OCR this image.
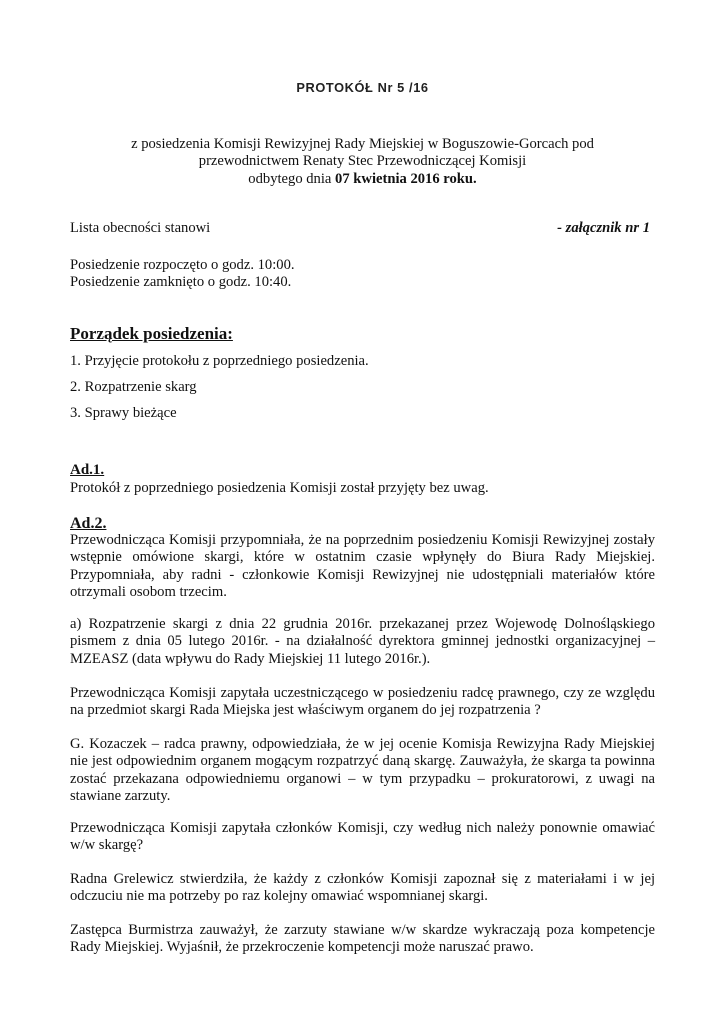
PROTOKÓŁ Nr 5 /16
z posiedzenia Komisji Rewizyjnej Rady Miejskiej w Boguszowie-Gorcach pod
przewodnictwem Renaty Stec Przewodniczącej Komisji
odbytego dnia 07 kwietnia 2016 roku.
Lista obecności stanowi	- załącznik nr 1
Posiedzenie rozpoczęto o godz. 10:00.
Posiedzenie zamknięto o godz. 10:40.
Porządek posiedzenia:
1. Przyjęcie protokołu z poprzedniego posiedzenia.
2. Rozpatrzenie skarg
3. Sprawy bieżące
Ad.1.
Protokół z poprzedniego posiedzenia Komisji został przyjęty bez uwag.
Ad.2.
Przewodnicząca Komisji przypomniała, że na poprzednim posiedzeniu Komisji Rewizyjnej zostały
wstępnie omówione skargi, które w ostatnim czasie wpłynęły do Biura Rady Miejskiej.
Przypomniała, aby radni - członkowie Komisji Rewizyjnej nie udostępniali materiałów które
otrzymali osobom trzecim.
a) Rozpatrzenie skargi z dnia 22 grudnia 2016r. przekazanej przez Wojewodę Dolnośląskiego
pismem z dnia 05 lutego 2016r. - na działalność dyrektora gminnej jednostki organizacyjnej –
MZEASZ (data wpływu do Rady Miejskiej 11 lutego 2016r.).
Przewodnicząca Komisji zapytała uczestniczącego w posiedzeniu radcę prawnego, czy ze względu
na przedmiot skargi Rada Miejska jest właściwym organem do jej rozpatrzenia ?
G. Kozaczek – radca prawny, odpowiedziała, że w jej ocenie Komisja Rewizyjna Rady Miejskiej
nie jest odpowiednim organem mogącym rozpatrzyć daną skargę. Zauważyła, że skarga ta powinna
zostać przekazana odpowiedniemu organowi – w tym przypadku – prokuratorowi, z uwagi na
stawiane zarzuty.
Przewodnicząca Komisji zapytała członków Komisji, czy według nich należy ponownie omawiać
w/w skargę?
Radna Grelewicz stwierdziła, że każdy z członków Komisji zapoznał się z materiałami i w jej
odczuciu nie ma potrzeby po raz kolejny omawiać wspomnianej skargi.
Zastępca Burmistrza zauważył, że zarzuty stawiane w/w skardze wykraczają poza kompetencje
Rady Miejskiej. Wyjaśnił, że przekroczenie kompetencji może naruszać prawo.
